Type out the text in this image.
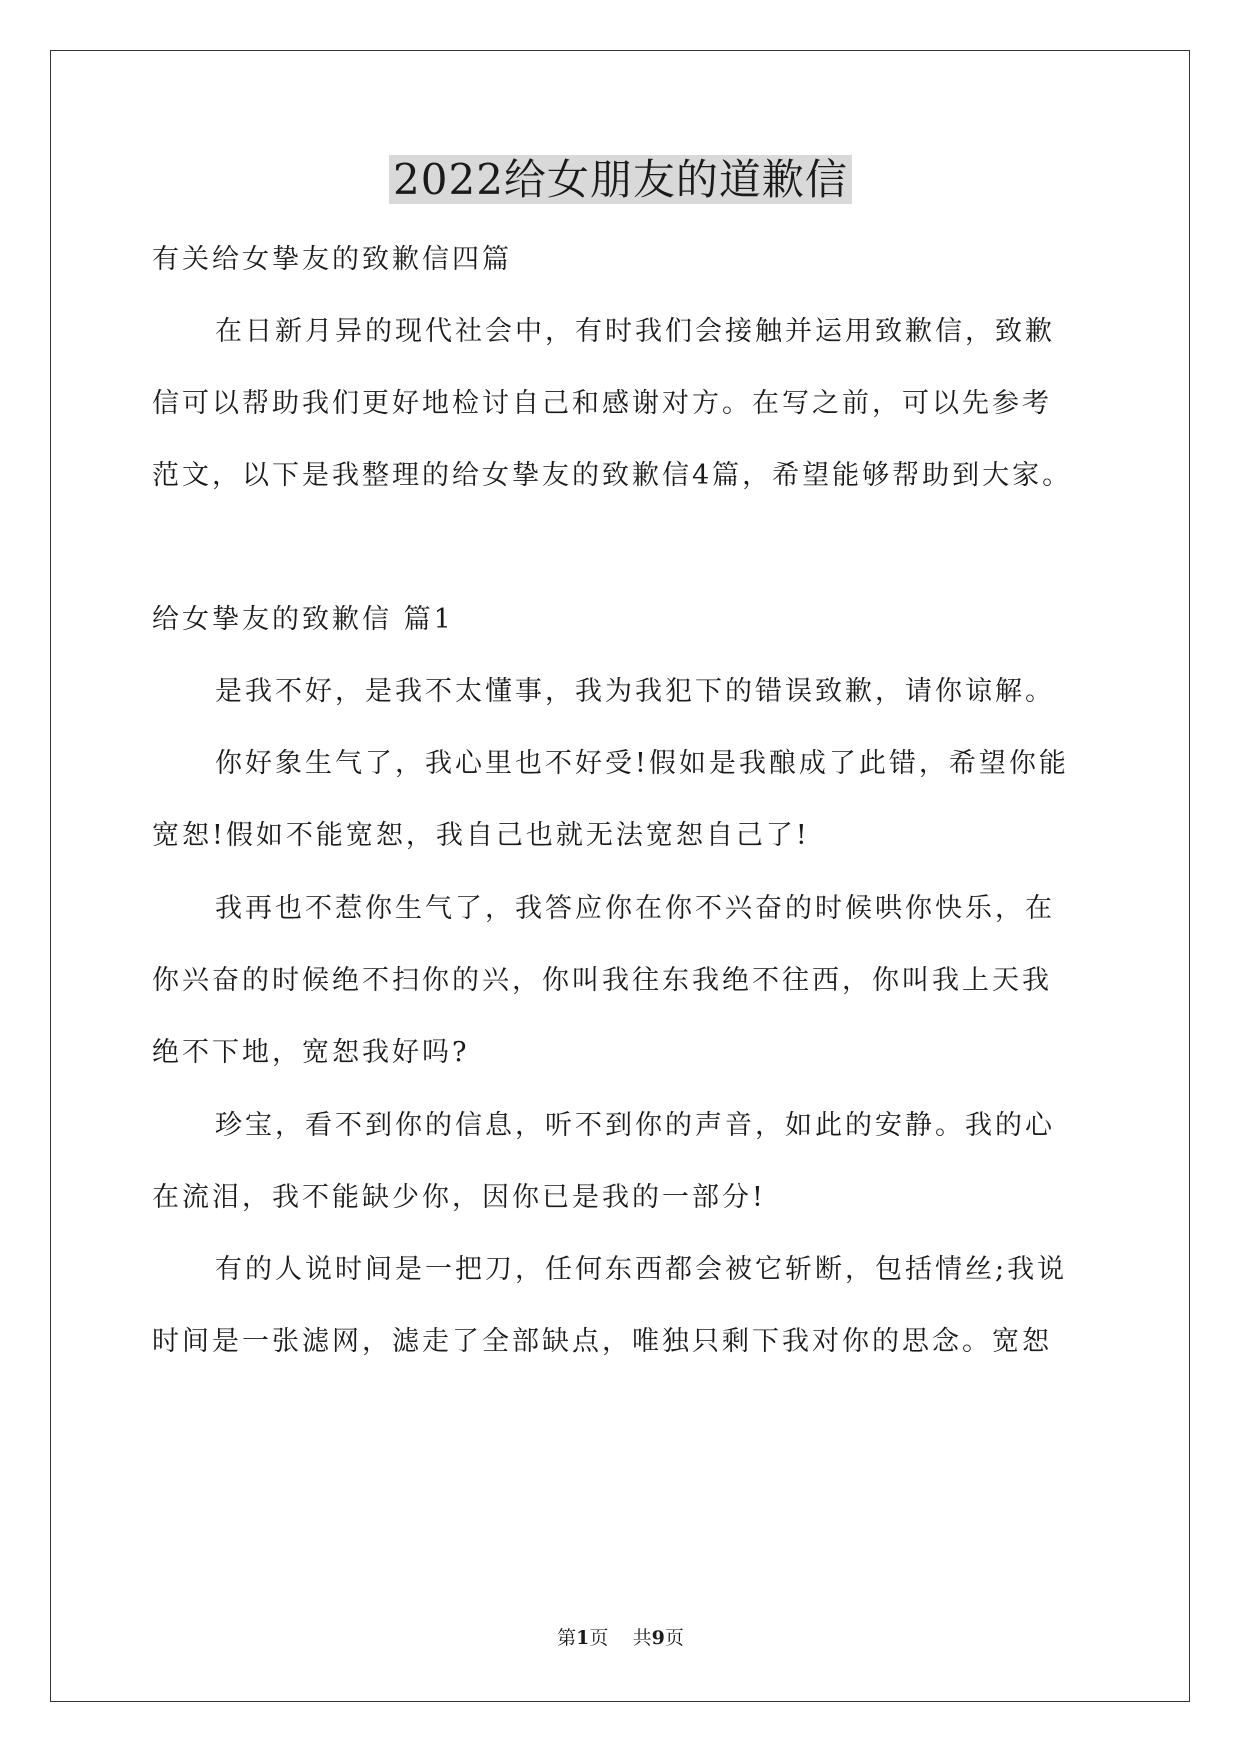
2022给女朋友的道歉信
有关给女挚友的致歉信四篇
在日新月异的现代社会中，有时我们会接触并运用致歉信，致歉
信可以帮助我们更好地检讨自己和感谢对方。在写之前，可以先参考
范文，以下是我整理的给女挚友的致歉信4篇，希望能够帮助到大家。
给女挚友的致歉信 篇1
是我不好，是我不太懂事，我为我犯下的错误致歉，请你谅解。
你好象生气了，我心里也不好受!假如是我酿成了此错，希望你能
宽恕!假如不能宽恕，我自己也就无法宽恕自己了!
我再也不惹你生气了，我答应你在你不兴奋的时候哄你快乐，在
你兴奋的时候绝不扫你的兴，你叫我往东我绝不往西，你叫我上天我
绝不下地，宽恕我好吗?
珍宝，看不到你的信息，听不到你的声音，如此的安静。我的心
在流泪，我不能缺少你，因你已是我的一部分!
有的人说时间是一把刀，任何东西都会被它斩断，包括情丝;我说
时间是一张滤网，滤走了全部缺点，唯独只剩下我对你的思念。宽恕
第1页 共9页
